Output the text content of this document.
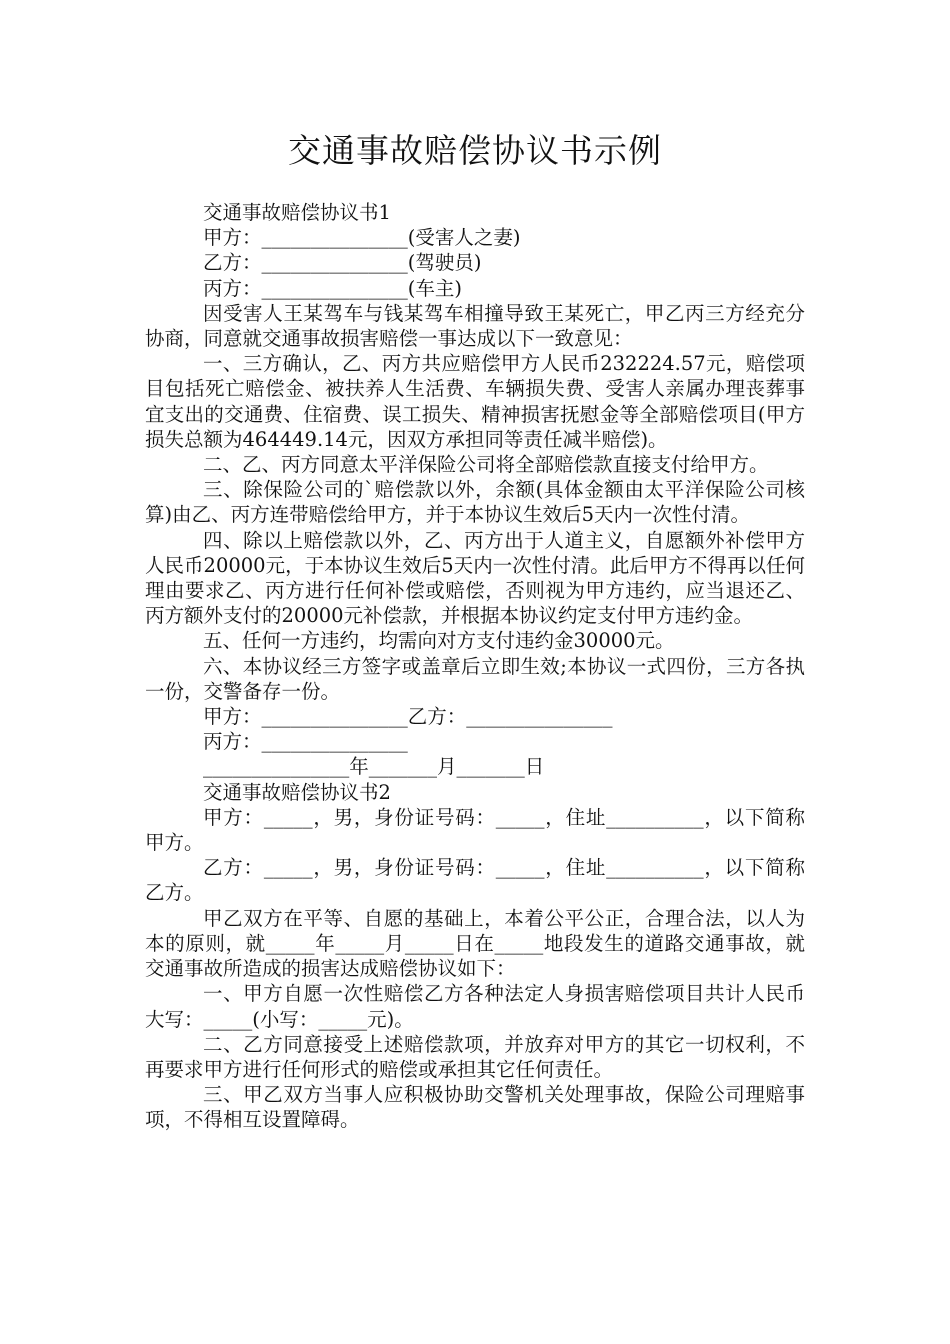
交通事故赔偿协议书示例

交通事故赔偿协议书1

甲方：_______________(受害人之妻)

乙方：_______________(驾驶员)

丙方：_______________(车主)

因受害人王某驾车与钱某驾车相撞导致王某死亡，甲乙丙三方经充分协商，同意就交通事故损害赔偿一事达成以下一致意见：

一、三方确认，乙、丙方共应赔偿甲方人民币232224.57元，赔偿项目包括死亡赔偿金、被扶养人生活费、车辆损失费、受害人亲属办理丧葬事宜支出的交通费、住宿费、误工损失、精神损害抚慰金等全部赔偿项目(甲方损失总额为464449.14元，因双方承担同等责任减半赔偿)。

二、乙、丙方同意太平洋保险公司将全部赔偿款直接支付给甲方。

三、除保险公司的`赔偿款以外，余额(具体金额由太平洋保险公司核算)由乙、丙方连带赔偿给甲方，并于本协议生效后5天内一次性付清。

四、除以上赔偿款以外，乙、丙方出于人道主义，自愿额外补偿甲方人民币20000元，于本协议生效后5天内一次性付清。此后甲方不得再以任何理由要求乙、丙方进行任何补偿或赔偿，否则视为甲方违约，应当退还乙、丙方额外支付的20000元补偿款，并根据本协议约定支付甲方违约金。

五、任何一方违约，均需向对方支付违约金30000元。

六、本协议经三方签字或盖章后立即生效;本协议一式四份，三方各执一份，交警备存一份。

甲方：_______________乙方：_______________

丙方：_______________

_______________年_______月_______日

交通事故赔偿协议书2

甲方：_____，男，身份证号码：_____，住址__________，以下简称甲方。

乙方：_____，男，身份证号码：_____，住址__________，以下简称乙方。

甲乙双方在平等、自愿的基础上，本着公平公正，合理合法，以人为本的原则，就_____年_____月_____日在_____地段发生的道路交通事故，就交通事故所造成的损害达成赔偿协议如下：

一、甲方自愿一次性赔偿乙方各种法定人身损害赔偿项目共计人民币大写：_____(小写：_____元)。

二、乙方同意接受上述赔偿款项，并放弃对甲方的其它一切权利，不再要求甲方进行任何形式的赔偿或承担其它任何责任。

三、甲乙双方当事人应积极协助交警机关处理事故，保险公司理赔事项，不得相互设置障碍。
